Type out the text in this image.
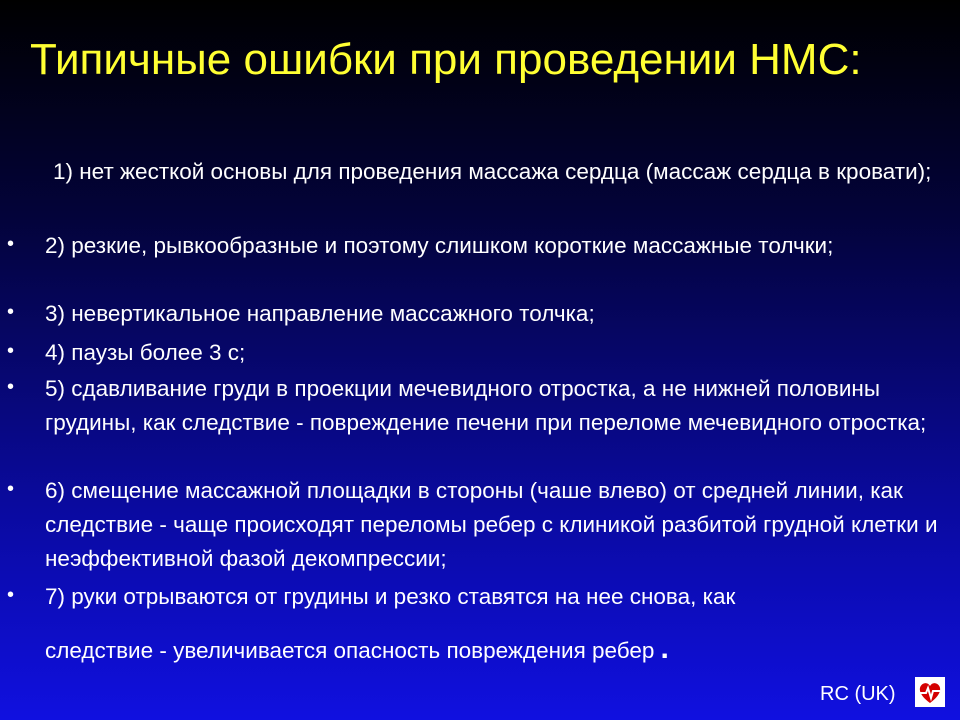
Типичные ошибки при проведении НМС:
1) нет жесткой основы для проведения массажа сердца (массаж сердца в кровати);
• 2) резкие, рывкообразные и поэтому слишком короткие массажные толчки;
• 3) невертикальное направление массажного толчка;
• 4) паузы более 3 с;
• 5) сдавливание груди в проекции мечевидного отростка, а не нижней половины грудины, как следствие - повреждение печени при переломе мечевидного отростка;
• 6) смещение массажной площадки в стороны (чаше влево) от средней линии, как следствие - чаще происходят переломы ребер с клиникой разбитой грудной клетки и неэффективной фазой декомпрессии;
• 7) руки отрываются от грудины и резко ставятся на нее снова, как
следствие - увеличивается опасность повреждения ребер .
RC (UK)
